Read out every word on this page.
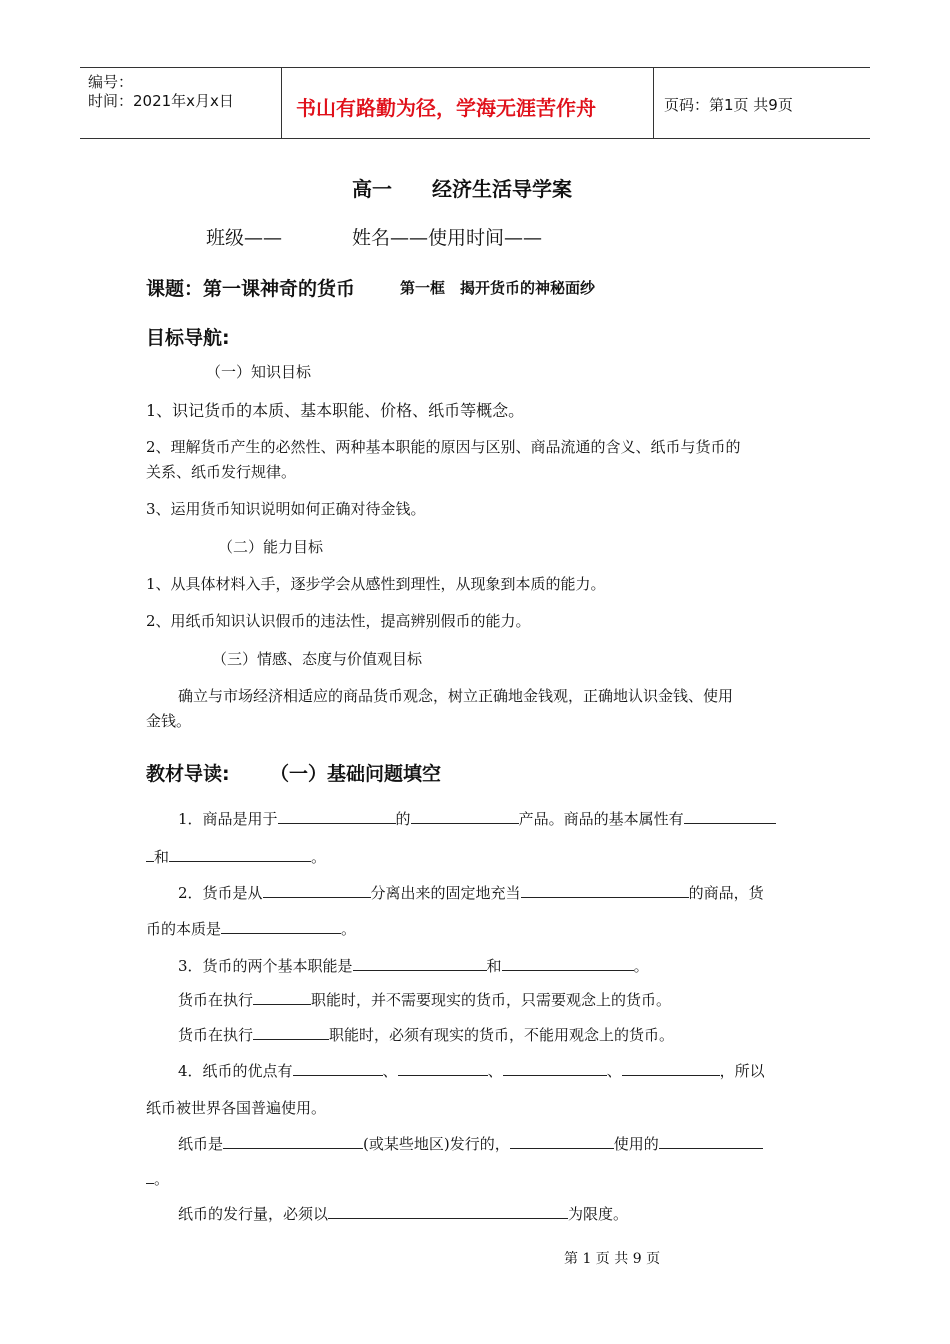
编号：
时间：2021年x月x日	书山有路勤为径，学海无涯苦作舟	页码：第1页 共9页
高一　　经济生活导学案
班级——	姓名——使用时间——
课题：第一课神奇的货币	第一框　揭开货币的神秘面纱
目标导航:
（一）知识目标
1、识记货币的本质、基本职能、价格、纸币等概念。
2、理解货币产生的必然性、两种基本职能的原因与区别、商品流通的含义、纸币与货币的
关系、纸币发行规律。
3、运用货币知识说明如何正确对待金钱。
（二）能力目标
1、从具体材料入手，逐步学会从感性到理性，从现象到本质的能力。
2、用纸币知识认识假币的违法性，提高辨别假币的能力。
（三）情感、态度与价值观目标
确立与市场经济相适应的商品货币观念，树立正确地金钱观，正确地认识金钱、使用
金钱。
教材导读: （一）基础问题填空
1．商品是用于	的	产品。商品的基本属性有
和	。
2．货币是从	分离出来的固定地充当	的商品，货
币的本质是	。
3．货币的两个基本职能是	和	。
货币在执行	职能时，并不需要现实的货币，只需要观念上的货币。
货币在执行	职能时，必须有现实的货币，不能用观念上的货币。
4．纸币的优点有	、	、	、	，所以
纸币被世界各国普遍使用。
纸币是	(或某些地区)发行的，	使用的
。
纸币的发行量，必须以	为限度。
第 1 页 共 9 页
